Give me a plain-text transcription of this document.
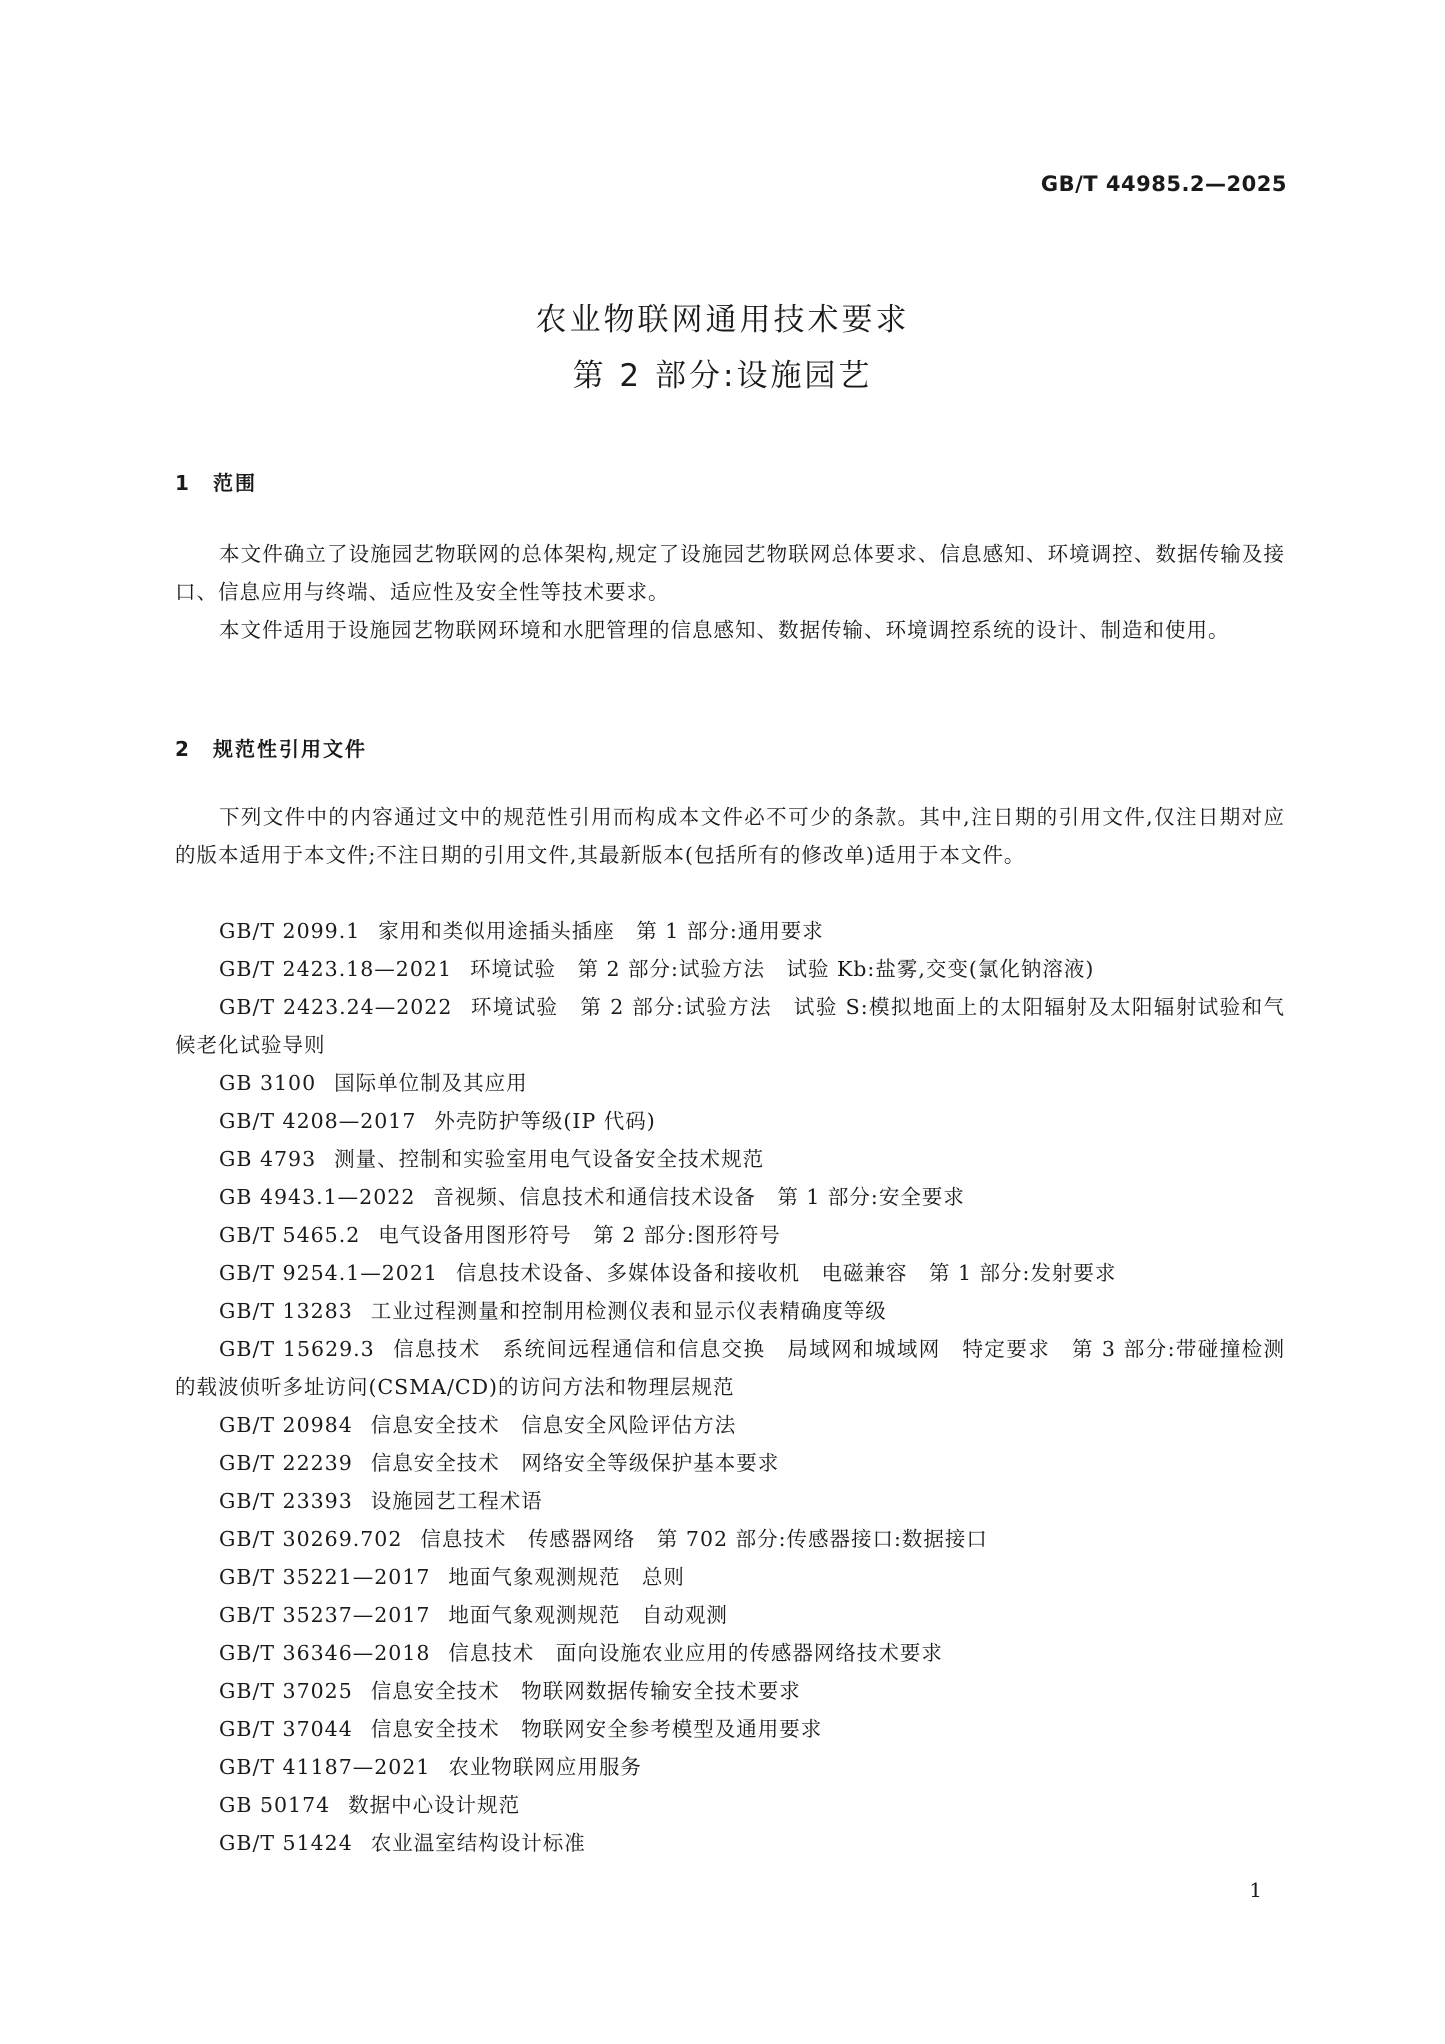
GB/T 44985.2—2025
农业物联网通用技术要求
第 2 部分:设施园艺
1 范围
本文件确立了设施园艺物联网的总体架构,规定了设施园艺物联网总体要求、信息感知、环境调控、数据传输及接口、信息应用与终端、适应性及安全性等技术要求。
本文件适用于设施园艺物联网环境和水肥管理的信息感知、数据传输、环境调控系统的设计、制造和使用。
2 规范性引用文件
下列文件中的内容通过文中的规范性引用而构成本文件必不可少的条款。其中,注日期的引用文件,仅注日期对应的版本适用于本文件;不注日期的引用文件,其最新版本(包括所有的修改单)适用于本文件。
GB/T 2099.1 家用和类似用途插头插座　第 1 部分:通用要求
GB/T 2423.18—2021 环境试验　第 2 部分:试验方法　试验 Kb:盐雾,交变(氯化钠溶液)
GB/T 2423.24—2022 环境试验　第 2 部分:试验方法　试验 S:模拟地面上的太阳辐射及太阳辐射试验和气候老化试验导则
GB 3100 国际单位制及其应用
GB/T 4208—2017 外壳防护等级(IP 代码)
GB 4793 测量、控制和实验室用电气设备安全技术规范
GB 4943.1—2022 音视频、信息技术和通信技术设备　第 1 部分:安全要求
GB/T 5465.2 电气设备用图形符号　第 2 部分:图形符号
GB/T 9254.1—2021 信息技术设备、多媒体设备和接收机　电磁兼容　第 1 部分:发射要求
GB/T 13283 工业过程测量和控制用检测仪表和显示仪表精确度等级
GB/T 15629.3 信息技术　系统间远程通信和信息交换　局域网和城域网　特定要求　第 3 部分:带碰撞检测的载波侦听多址访问(CSMA/CD)的访问方法和物理层规范
GB/T 20984 信息安全技术　信息安全风险评估方法
GB/T 22239 信息安全技术　网络安全等级保护基本要求
GB/T 23393 设施园艺工程术语
GB/T 30269.702 信息技术　传感器网络　第 702 部分:传感器接口:数据接口
GB/T 35221—2017 地面气象观测规范　总则
GB/T 35237—2017 地面气象观测规范　自动观测
GB/T 36346—2018 信息技术　面向设施农业应用的传感器网络技术要求
GB/T 37025 信息安全技术　物联网数据传输安全技术要求
GB/T 37044 信息安全技术　物联网安全参考模型及通用要求
GB/T 41187—2021 农业物联网应用服务
GB 50174 数据中心设计规范
GB/T 51424 农业温室结构设计标准
1
